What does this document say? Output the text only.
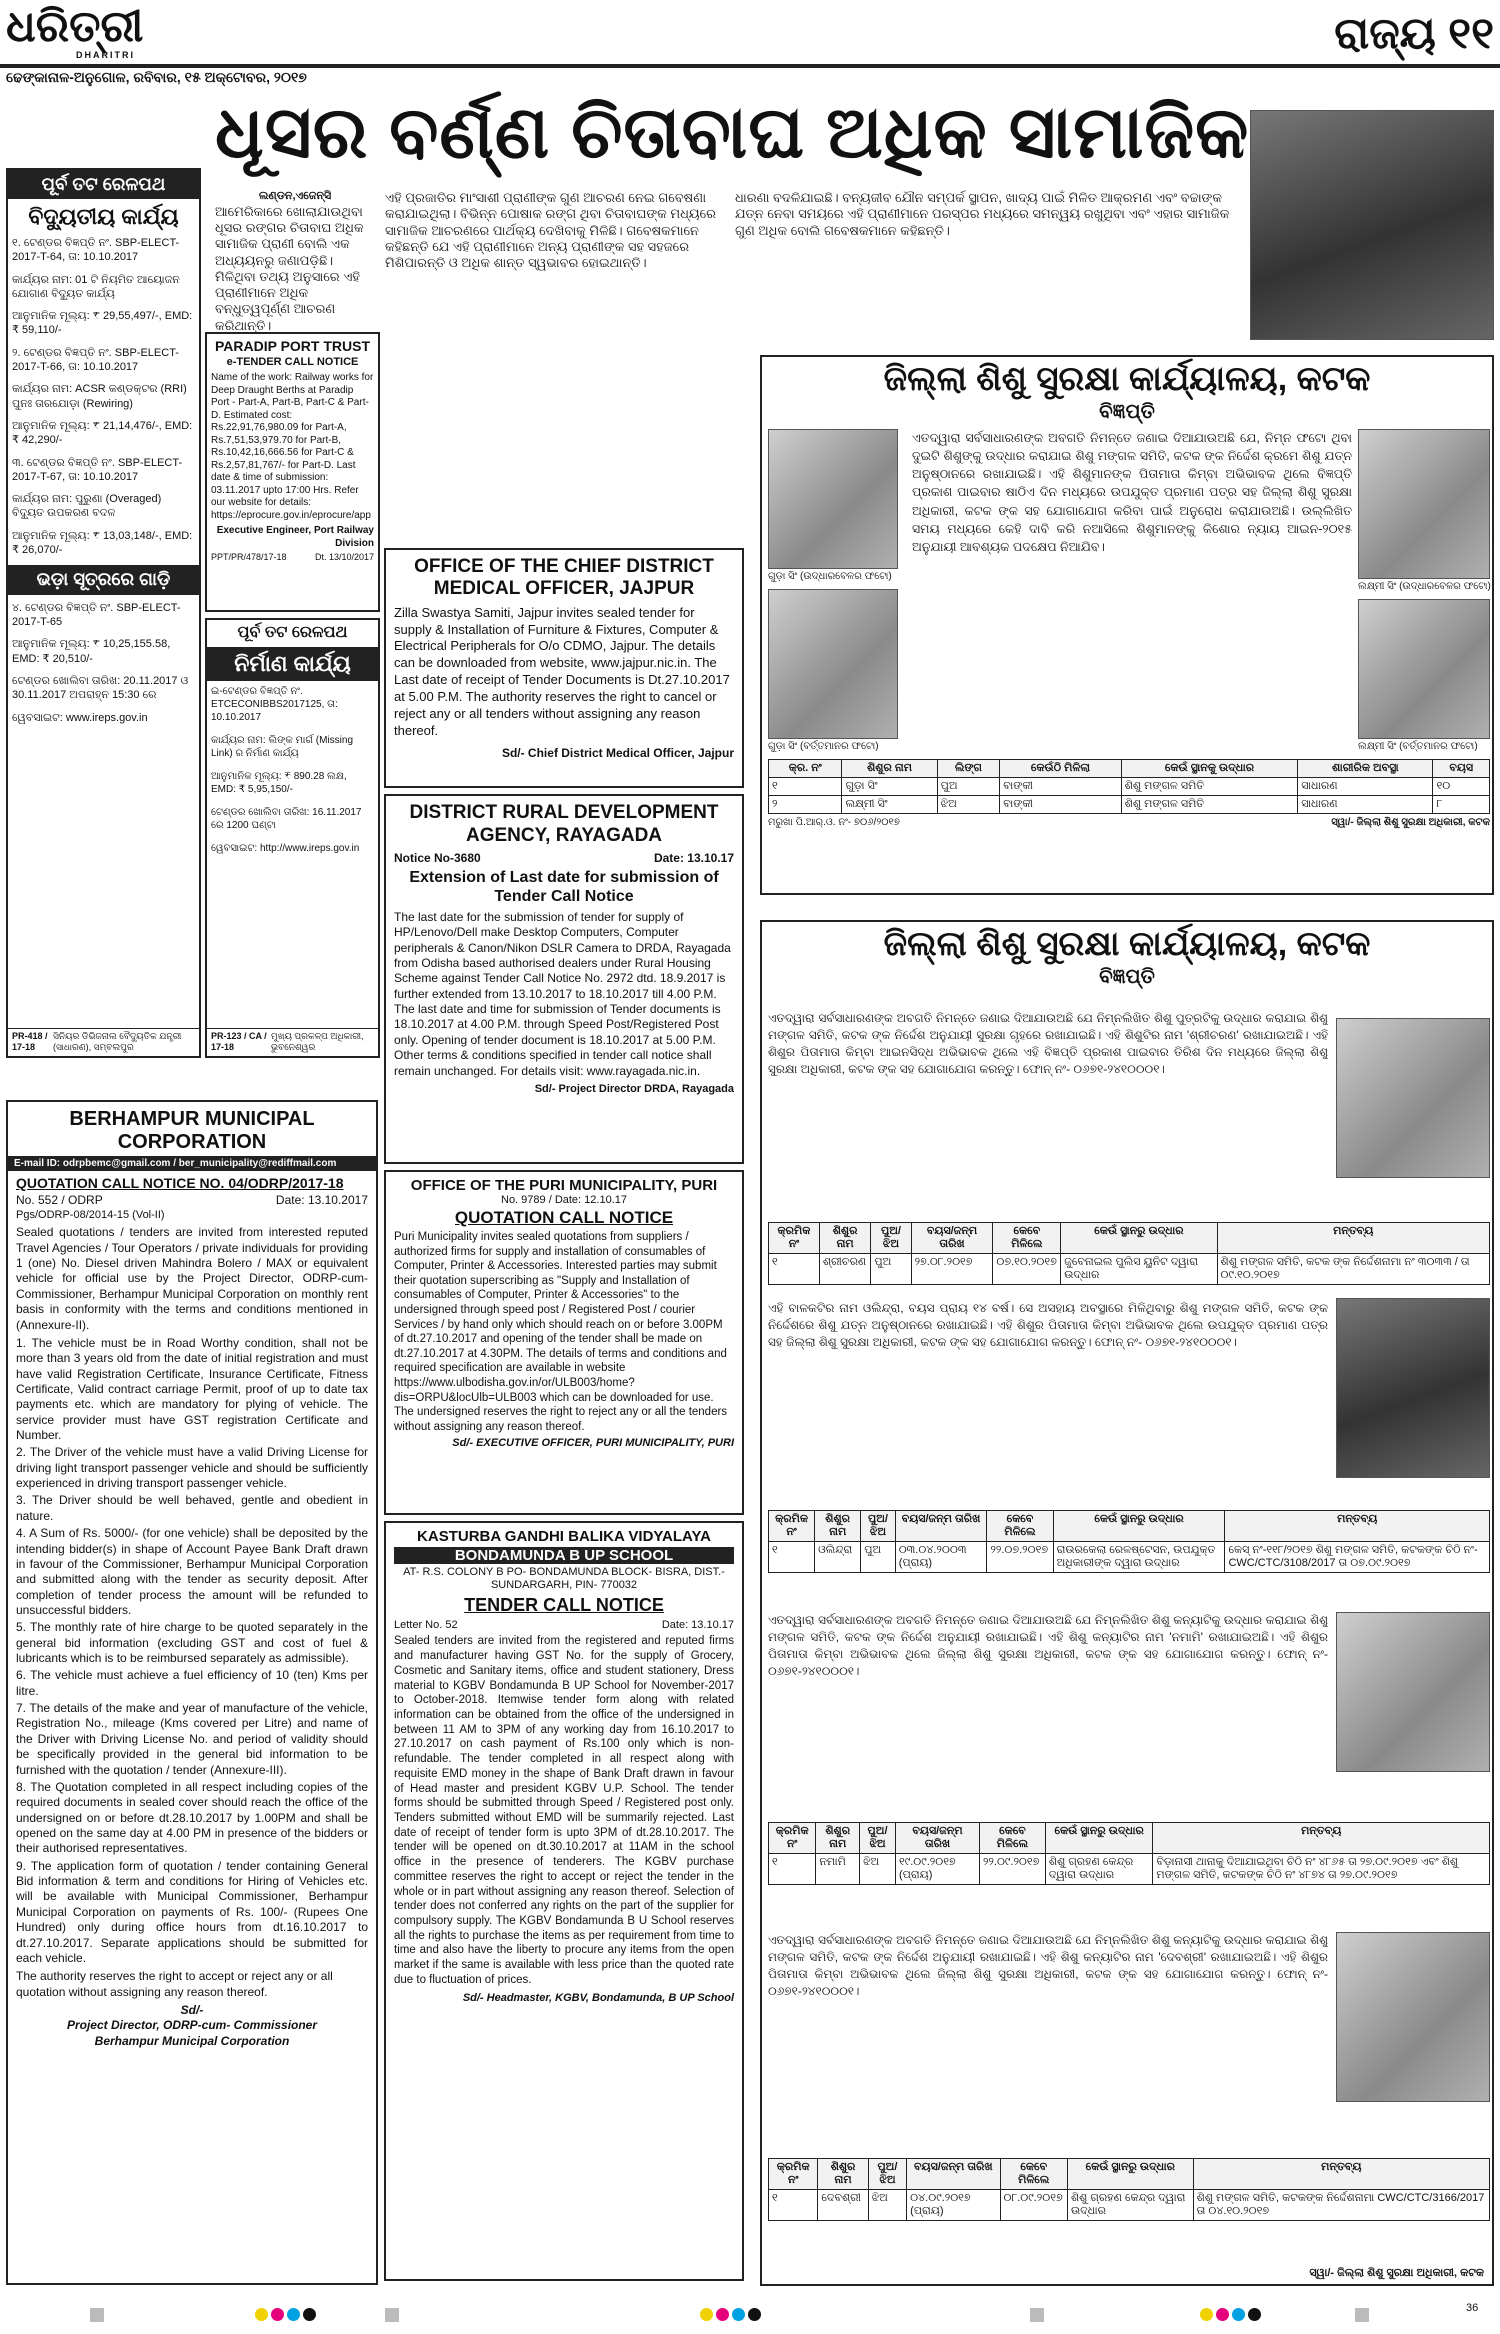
ଧରିତ୍ରୀ
DHARITRI	ରାଜ୍ୟ ୧୧
ଢେଙ୍କାନାଳ-ଅନୁଗୋଳ, ରବିବାର, ୧୫ ଅକ୍ଟୋବର, ୨୦୧୭
ଧୂସର ବର୍ଣ୍ଣ ଚିତାବାଘ ଅଧିକ ସାମାଜିକ
ଲଣ୍ଡନ,ଏଜେନ୍ସି
ଆମେରିକାରେ ଖୋଲାଯାଉଥିବା ଧୂସର ରଙ୍ଗର ଚିତାବାଘ ଅଧିକ ସାମାଜିକ ପ୍ରାଣୀ ବୋଲି ଏକ ଅଧ୍ୟୟନରୁ ଜଣାପଡ଼ିଛି। ମିଳିଥିବା ତଥ୍ୟ ଅନୁସାରେ ଏହି ପ୍ରାଣୀମାନେ ଅଧିକ ବନ୍ଧୁତ୍ୱପୂର୍ଣ୍ଣ ଆଚରଣ କରିଥାନ୍ତି।
ଏହି ପ୍ରଜାତିର ମାଂସାଶୀ ପ୍ରାଣୀଙ୍କ ଗୁଣ ଆଚରଣ ନେଇ ଗବେଷଣା କରାଯାଇଥିଲା। ବିଭିନ୍ନ ପୋଷାକ ରଙ୍ଗ ଥିବା ଚିତାବାଘଙ୍କ ମଧ୍ୟରେ ସାମାଜିକ ଆଚରଣରେ ପାର୍ଥକ୍ୟ ଦେଖିବାକୁ ମିଳିଛି। ଗବେଷକମାନେ କହିଛନ୍ତି ଯେ ଏହି ପ୍ରାଣୀମାନେ ଅନ୍ୟ ପ୍ରାଣୀଙ୍କ ସହ ସହଜରେ ମିଶିପାରନ୍ତି ଓ ଅଧିକ ଶାନ୍ତ ସ୍ୱଭାବର ହୋଇଥାନ୍ତି।
ଧାରଣା ବଦଳିଯାଇଛି। ବନ୍ୟଜୀବ ଯୌନ ସମ୍ପର୍କ ସ୍ଥାପନ, ଖାଦ୍ୟ ପାଇଁ ମିଳିତ ଆକ୍ରମଣ ଏବଂ ବଚ୍ଚାଙ୍କ ଯତ୍ନ ନେବା ସମୟରେ ଏହି ପ୍ରାଣୀମାନେ ପରସ୍ପର ମଧ୍ୟରେ ସମନ୍ୱୟ ରଖୁଥିବା ଏବଂ ଏହାର ସାମାଜିକ ଗୁଣ ଅଧିକ ବୋଲି ଗବେଷକମାନେ କହିଛନ୍ତି।
ପୂର୍ବ ତଟ ରେଳପଥ
ବିଦ୍ୟୁତୀୟ କାର୍ଯ୍ୟ

୧. ଟେଣ୍ଡର ବିଜ୍ଞପ୍ତି ନଂ. SBP-ELECT-2017-T-64, ତା: 10.10.2017

କାର୍ଯ୍ୟର ନାମ: 01 ଟି ନିୟମିତ ଆୟୋଜନ ଯୋଗାଣ ବିଦ୍ୟୁତ କାର୍ଯ୍ୟ

ଆନୁମାନିକ ମୂଲ୍ୟ: ₹ 29,55,497/-, EMD: ₹ 59,110/-

୨. ଟେଣ୍ଡର ବିଜ୍ଞପ୍ତି ନଂ. SBP-ELECT-2017-T-66, ତା: 10.10.2017

କାର୍ଯ୍ୟର ନାମ: ACSR କଣ୍ଡକ୍ଟର (RRI) ପୁନଃ ତାରଯୋଡ଼ା (Rewiring)

ଆନୁମାନିକ ମୂଲ୍ୟ: ₹ 21,14,476/-, EMD: ₹ 42,290/-

୩. ଟେଣ୍ଡର ବିଜ୍ଞପ୍ତି ନଂ. SBP-ELECT-2017-T-67, ତା: 10.10.2017

କାର୍ଯ୍ୟର ନାମ: ପୁରୁଣା (Overaged) ବିଦ୍ୟୁତ ଉପକରଣ ବଦଳ

ଆନୁମାନିକ ମୂଲ୍ୟ: ₹ 13,03,148/-, EMD: ₹ 26,070/-

ଭଡ଼ା ସୂତ୍ରରେ ଗାଡ଼ି

୪. ଟେଣ୍ଡର ବିଜ୍ଞପ୍ତି ନଂ. SBP-ELECT-2017-T-65

ଆନୁମାନିକ ମୂଲ୍ୟ: ₹ 10,25,155.58, EMD: ₹ 20,510/-

ଟେଣ୍ଡର ଖୋଲିବା ତାରିଖ: 20.11.2017 ଓ 30.11.2017 ଅପରାହ୍ନ 15:30 ରେ

ୱେବସାଇଟ: www.ireps.gov.in

PR-418 / 17-18
ସିନିୟର ଡିଭିଜନାଲ ବୈଦ୍ୟୁତିକ ଯନ୍ତ୍ରୀ (ସାଧାରଣ), ସମ୍ବଲପୁର
PARADIP PORT TRUST
e-TENDER CALL NOTICE
Name of the work: Railway works for Deep Draught Berths at Paradip Port - Part-A, Part-B, Part-C & Part-D. Estimated cost: Rs.22,91,76,980.09 for Part-A, Rs.7,51,53,979.70 for Part-B, Rs.10,42,16,666.56 for Part-C & Rs.2,57,81,767/- for Part-D. Last date & time of submission: 03.11.2017 upto 17:00 Hrs. Refer our website for details: https://eprocure.gov.in/eprocure/app
Executive Engineer, Port Railway Division
PPT/PR/478/17-18	Dt. 13/10/2017
ପୂର୍ବ ତଟ ରେଳପଥ
ନିର୍ମାଣ କାର୍ଯ୍ୟ

ଇ-ଟେଣ୍ଡର ବିଜ୍ଞପ୍ତି ନଂ. ETCECONIBBS2017125, ତା: 10.10.2017

କାର୍ଯ୍ୟର ନାମ: ଲିଙ୍କ ମାର୍ଗ (Missing Link) ର ନିର୍ମାଣ କାର୍ଯ୍ୟ

ଆନୁମାନିକ ମୂଲ୍ୟ: ₹ 890.28 ଲକ୍ଷ, EMD: ₹ 5,95,150/-

ଟେଣ୍ଡର ଖୋଲିବା ତାରିଖ: 16.11.2017 ରେ 1200 ଘଣ୍ଟା

ୱେବସାଇଟ: http://www.ireps.gov.in

PR-123 / CA / 17-18
ମୁଖ୍ୟ ପ୍ରକଳ୍ପ ଅଧିକାରୀ, ଭୁବନେଶ୍ୱର
OFFICE OF THE CHIEF DISTRICT MEDICAL OFFICER, JAJPUR
Zilla Swastya Samiti, Jajpur invites sealed tender for supply & Installation of Furniture & Fixtures, Computer & Electrical Peripherals for O/o CDMO, Jajpur. The details can be downloaded from website, www.jajpur.nic.in. The Last date of receipt of Tender Documents is Dt.27.10.2017 at 5.00 P.M. The authority reserves the right to cancel or reject any or all tenders without assigning any reason thereof.
Sd/- Chief District Medical Officer, Jajpur
DISTRICT RURAL DEVELOPMENT AGENCY, RAYAGADA
Notice No-3680	Date: 13.10.17
Extension of Last date for submission of Tender Call Notice
The last date for the submission of tender for supply of HP/Lenovo/Dell make Desktop Computers, Computer peripherals & Canon/Nikon DSLR Camera to DRDA, Rayagada from Odisha based authorised dealers under Rural Housing Scheme against Tender Call Notice No. 2972 dtd. 18.9.2017 is further extended from 13.10.2017 to 18.10.2017 till 4.00 P.M. The last date and time for submission of Tender documents is 18.10.2017 at 4.00 P.M. through Speed Post/Registered Post only. Opening of tender document is 18.10.2017 at 5.00 P.M. Other terms & conditions specified in tender call notice shall remain unchanged. For details visit: www.rayagada.nic.in.
Sd/- Project Director DRDA, Rayagada
OFFICE OF THE PURI MUNICIPALITY, PURI
No. 9789 / Date: 12.10.17
QUOTATION CALL NOTICE
Puri Municipality invites sealed quotations from suppliers / authorized firms for supply and installation of consumables of Computer, Printer & Accessories. Interested parties may submit their quotation superscribing as "Supply and Installation of consumables of Computer, Printer & Accessories" to the undersigned through speed post / Registered Post / courier Services / by hand only which should reach on or before 3.00PM of dt.27.10.2017 and opening of the tender shall be made on dt.27.10.2017 at 4.30PM. The details of terms and conditions and required specification are available in website https://www.ulbodisha.gov.in/or/ULB003/home?dis=ORPU&locUlb=ULB003 which can be downloaded for use. The undersigned reserves the right to reject any or all the tenders without assigning any reason thereof.
Sd/- EXECUTIVE OFFICER, PURI MUNICIPALITY, PURI
KASTURBA GANDHI BALIKA VIDYALAYA
BONDAMUNDA B UP SCHOOL
AT- R.S. COLONY B PO- BONDAMUNDA BLOCK- BISRA, DIST.- SUNDARGARH, PIN- 770032
TENDER CALL NOTICE
Letter No. 52	Date: 13.10.17
Sealed tenders are invited from the registered and reputed firms and manufacturer having GST No. for the supply of Grocery, Cosmetic and Sanitary items, office and student stationery, Dress material to KGBV Bondamunda B UP School for November-2017 to October-2018. Itemwise tender form along with related information can be obtained from the office of the undersigned in between 11 AM to 3PM of any working day from 16.10.2017 to 27.10.2017 on cash payment of Rs.100 only which is non-refundable. The tender completed in all respect along with requisite EMD money in the shape of Bank Draft drawn in favour of Head master and president KGBV U.P. School. The tender forms should be submitted through Speed / Registered post only. Tenders submitted without EMD will be summarily rejected. Last date of receipt of tender form is upto 3PM of dt.28.10.2017. The tender will be opened on dt.30.10.2017 at 11AM in the school office in the presence of tenderers. The KGBV purchase committee reserves the right to accept or reject the tender in the whole or in part without assigning any reason thereof. Selection of tender does not conferred any rights on the part of the supplier for compulsory supply. The KGBV Bondamunda B U School reserves all the rights to purchase the items as per requirement from time to time and also have the liberty to procure any items from the open market if the same is available with less price than the quoted rate due to fluctuation of prices.
Sd/- Headmaster, KGBV, Bondamunda, B UP School
BERHAMPUR MUNICIPAL CORPORATION
E-mail ID: odrpbemc@gmail.com / ber_municipality@rediffmail.com
QUOTATION CALL NOTICE NO. 04/ODRP/2017-18
No. 552 / ODRP	Date: 13.10.2017
Pgs/ODRP-08/2014-15 (Vol-II)

Sealed quotations / tenders are invited from interested reputed Travel Agencies / Tour Operators / private individuals for providing 1 (one) No. Diesel driven Mahindra Bolero / MAX or equivalent vehicle for official use by the Project Director, ODRP-cum-Commissioner, Berhampur Municipal Corporation on monthly rent basis in conformity with the terms and conditions mentioned in (Annexure-II).

1. The vehicle must be in Road Worthy condition, shall not be more than 3 years old from the date of initial registration and must have valid Registration Certificate, Insurance Certificate, Fitness Certificate, Valid contract carriage Permit, proof of up to date tax payments etc. which are mandatory for plying of vehicle. The service provider must have GST registration Certificate and Number.

2. The Driver of the vehicle must have a valid Driving License for driving light transport passenger vehicle and should be sufficiently experienced in driving transport passenger vehicle.

3. The Driver should be well behaved, gentle and obedient in nature.

4. A Sum of Rs. 5000/- (for one vehicle) shall be deposited by the intending bidder(s) in shape of Account Payee Bank Draft drawn in favour of the Commissioner, Berhampur Municipal Corporation and submitted along with the tender as security deposit. After completion of tender process the amount will be refunded to unsuccessful bidders.

5. The monthly rate of hire charge to be quoted separately in the general bid information (excluding GST and cost of fuel & lubricants which is to be reimbursed separately as admissible).

6. The vehicle must achieve a fuel efficiency of 10 (ten) Kms per litre.

7. The details of the make and year of manufacture of the vehicle, Registration No., mileage (Kms covered per Litre) and name of the Driver with Driving License No. and period of validity should be specifically provided in the general bid information to be furnished with the quotation / tender (Annexure-III).

8. The Quotation completed in all respect including copies of the required documents in sealed cover should reach the office of the undersigned on or before dt.28.10.2017 by 1.00PM and shall be opened on the same day at 4.00 PM in presence of the bidders or their authorised representatives.

9. The application form of quotation / tender containing General Bid information & term and conditions for Hiring of Vehicles etc. will be available with Municipal Commissioner, Berhampur Municipal Corporation on payments of Rs. 100/- (Rupees One Hundred) only during office hours from dt.16.10.2017 to dt.27.10.2017. Separate applications should be submitted for each vehicle.

The authority reserves the right to accept or reject any or all quotation without assigning any reason thereof.

Sd/-
Project Director, ODRP-cum- Commissioner
Berhampur Municipal Corporation
ଜିଲ୍ଲା ଶିଶୁ ସୁରକ୍ଷା କାର୍ଯ୍ୟାଳୟ, କଟକ
ବିଜ୍ଞପ୍ତି
ଗୁଡ଼ା ସିଂ (ଉଦ୍ଧାରବେଳର ଫଟୋ)
ଗୁଡ଼ା ସିଂ (ବର୍ତ୍ତମାନର ଫଟୋ)
ଲକ୍ଷ୍ମୀ ସିଂ (ଉଦ୍ଧାରବେଳର ଫଟୋ)
ଲକ୍ଷ୍ମୀ ସିଂ (ବର୍ତ୍ତମାନର ଫଟୋ)
ଏତଦ୍ୱାରା ସର୍ବସାଧାରଣଙ୍କ ଅବଗତି ନିମନ୍ତେ ଜଣାଇ ଦିଆଯାଉଅଛି ଯେ, ନିମ୍ନ ଫଟୋ ଥିବା ଦୁଇଟି ଶିଶୁଙ୍କୁ ଉଦ୍ଧାର କରାଯାଇ ଶିଶୁ ମଙ୍ଗଳ ସମିତି, କଟକ ଙ୍କ ନିର୍ଦ୍ଦେଶ କ୍ରମେ ଶିଶୁ ଯତ୍ନ ଅନୁଷ୍ଠାନରେ ରଖାଯାଇଛି। ଏହି ଶିଶୁମାନଙ୍କ ପିତାମାତା କିମ୍ବା ଅଭିଭାବକ ଥିଲେ ବିଜ୍ଞପ୍ତି ପ୍ରକାଶ ପାଇବାର ଷାଠିଏ ଦିନ ମଧ୍ୟରେ ଉପଯୁକ୍ତ ପ୍ରମାଣ ପତ୍ର ସହ ଜିଲ୍ଲା ଶିଶୁ ସୁରକ୍ଷା ଅଧିକାରୀ, କଟକ ଙ୍କ ସହ ଯୋଗାଯୋଗ କରିବା ପାଇଁ ଅନୁରୋଧ କରାଯାଉଅଛି। ଉଲ୍ଲିଖିତ ସମୟ ମଧ୍ୟରେ କେହି ଦାବି କରି ନଆସିଲେ ଶିଶୁମାନଙ୍କୁ କିଶୋର ନ୍ୟାୟ ଆଇନ-୨୦୧୫ ଅନୁଯାୟୀ ଆବଶ୍ୟକ ପଦକ୍ଷେପ ନିଆଯିବ।
କ୍ର. ନଂ	ଶିଶୁର ନାମ	ଲିଙ୍ଗ	କେଉଁଠି ମିଳିଲା	କେଉଁ ସ୍ଥାନକୁ ଉଦ୍ଧାର	ଶାରୀରିକ ଅବସ୍ଥା	ବୟସ
୧	ଗୁଡ଼ା ସିଂ	ପୁଅ	ବାଙ୍କୀ	ଶିଶୁ ମଙ୍ଗଳ ସମିତି	ସାଧାରଣ	୧୦
୨	ଲକ୍ଷ୍ମୀ ସିଂ	ଝିଅ	ବାଙ୍କୀ	ଶିଶୁ ମଙ୍ଗଳ ସମିତି	ସାଧାରଣ	୮
ମରୁଖା ପି.ଆର୍.ଓ. ନଂ- ୭୦୬/୨୦୧୭	ସ୍ୱା/- ଜିଲ୍ଲା ଶିଶୁ ସୁରକ୍ଷା ଅଧିକାରୀ, କଟକ
ଜିଲ୍ଲା ଶିଶୁ ସୁରକ୍ଷା କାର୍ଯ୍ୟାଳୟ, କଟକ
ବିଜ୍ଞପ୍ତି
ଏତଦ୍ୱାରା ସର୍ବସାଧାରଣଙ୍କ ଅବଗତି ନିମନ୍ତେ ଜଣାଇ ଦିଆଯାଉଅଛି ଯେ ନିମ୍ନଲିଖିତ ଶିଶୁ ପୁତ୍ରଟିକୁ ଉଦ୍ଧାର କରାଯାଇ ଶିଶୁ ମଙ୍ଗଳ ସମିତି, କଟକ ଙ୍କ ନିର୍ଦ୍ଦେଶ ଅନୁଯାୟୀ ସୁରକ୍ଷା ଗୃହରେ ରଖାଯାଇଛି। ଏହି ଶିଶୁଟିର ନାମ 'ଶ୍ରୀଚରଣ' ରଖାଯାଇଅଛି। ଏହି ଶିଶୁର ପିତାମାତା କିମ୍ବା ଆଇନସିଦ୍ଧ ଅଭିଭାବକ ଥିଲେ ଏହି ବିଜ୍ଞପ୍ତି ପ୍ରକାଶ ପାଇବାର ତିରିଶ ଦିନ ମଧ୍ୟରେ ଜିଲ୍ଲା ଶିଶୁ ସୁରକ୍ଷା ଅଧିକାରୀ, କଟକ ଙ୍କ ସହ ଯୋଗାଯୋଗ କରନ୍ତୁ। ଫୋନ୍ ନଂ- ୦୬୭୧-୨୪୧୦୦୦୧।
କ୍ରମିକ ନଂ	ଶିଶୁର ନାମ	ପୁଅ/ଝିଅ	ବୟସ/ଜନ୍ମ ତାରିଖ	କେବେ ମିଳିଲେ	କେଉଁ ସ୍ଥାନରୁ ଉଦ୍ଧାର	ମନ୍ତବ୍ୟ
୧	ଶ୍ରୀଚରଣ	ପୁଅ	୨୭.୦୮.୨୦୧୭	୦୭.୧୦.୨୦୧୭	ଜୁବେନାଇଲ ପୁଲିସ ୟୁନିଟ ଦ୍ୱାରା ଉଦ୍ଧାର	ଶିଶୁ ମଙ୍ଗଳ ସମିତି, କଟକ ଙ୍କ ନିର୍ଦ୍ଦେଶନାମା ନଂ ୩୦୩୩ / ତା ୦୯.୧୦.୨୦୧୭
ଏହି ବାଳକଟିର ନାମ ଓଲିନ୍ଦ୍ରା, ବୟସ ପ୍ରାୟ ୧୪ ବର୍ଷ। ସେ ଅସହାୟ ଅବସ୍ଥାରେ ମିଳିଥିବାରୁ ଶିଶୁ ମଙ୍ଗଳ ସମିତି, କଟକ ଙ୍କ ନିର୍ଦ୍ଦେଶରେ ଶିଶୁ ଯତ୍ନ ଅନୁଷ୍ଠାନରେ ରଖାଯାଇଛି। ଏହି ଶିଶୁର ପିତାମାତା କିମ୍ବା ଅଭିଭାବକ ଥିଲେ ଉପଯୁକ୍ତ ପ୍ରମାଣ ପତ୍ର ସହ ଜିଲ୍ଲା ଶିଶୁ ସୁରକ୍ଷା ଅଧିକାରୀ, କଟକ ଙ୍କ ସହ ଯୋଗାଯୋଗ କରନ୍ତୁ। ଫୋନ୍ ନଂ- ୦୬୭୧-୨୪୧୦୦୦୧।
କ୍ରମିକ ନଂ	ଶିଶୁର ନାମ	ପୁଅ/ଝିଅ	ବୟସ/ଜନ୍ମ ତାରିଖ	କେବେ ମିଳିଲେ	କେଉଁ ସ୍ଥାନରୁ ଉଦ୍ଧାର	ମନ୍ତବ୍ୟ
୧	ଓଲିନ୍ଦ୍ରା	ପୁଅ	୦୩.୦୪.୨୦୦୩ (ପ୍ରାୟ)	୨୨.୦୭.୨୦୧୭	ରାଉରକେଲା ରେଳଷ୍ଟେସନ, ଉପଯୁକ୍ତ ଅଧିକାରୀଙ୍କ ଦ୍ୱାରା ଉଦ୍ଧାର	କେସ୍ ନଂ-୧୧୮/୨୦୧୭ ଶିଶୁ ମଙ୍ଗଳ ସମିତି, କଟକଙ୍କ ଚିଠି ନଂ-CWC/CTC/3108/2017 ତା ୦୭.୦୯.୨୦୧୭
ଏତଦ୍ୱାରା ସର୍ବସାଧାରଣଙ୍କ ଅବଗତି ନିମନ୍ତେ ଜଣାଇ ଦିଆଯାଉଅଛି ଯେ ନିମ୍ନଲିଖିତ ଶିଶୁ କନ୍ୟାଟିକୁ ଉଦ୍ଧାର କରାଯାଇ ଶିଶୁ ମଙ୍ଗଳ ସମିତି, କଟକ ଙ୍କ ନିର୍ଦ୍ଦେଶ ଅନୁଯାୟୀ ରଖାଯାଇଛି। ଏହି ଶିଶୁ କନ୍ୟାଟିର ନାମ 'ନମାମି' ରଖାଯାଇଅଛି। ଏହି ଶିଶୁର ପିତାମାତା କିମ୍ବା ଅଭିଭାବକ ଥିଲେ ଜିଲ୍ଲା ଶିଶୁ ସୁରକ୍ଷା ଅଧିକାରୀ, କଟକ ଙ୍କ ସହ ଯୋଗାଯୋଗ କରନ୍ତୁ। ଫୋନ୍ ନଂ- ୦୬୭୧-୨୪୧୦୦୦୧।
କ୍ରମିକ ନଂ	ଶିଶୁର ନାମ	ପୁଅ/ଝିଅ	ବୟସ/ଜନ୍ମ ତାରିଖ	କେବେ ମିଳିଲେ	କେଉଁ ସ୍ଥାନରୁ ଉଦ୍ଧାର	ମନ୍ତବ୍ୟ
୧	ନମାମି	ଝିଅ	୧୯.୦୯.୨୦୧୭ (ପ୍ରାୟ)	୨୨.୦୯.୨୦୧୭	ଶିଶୁ ଗ୍ରହଣ କେନ୍ଦ୍ର ଦ୍ୱାରା ଉଦ୍ଧାର	ବିଡ଼ାନାସୀ ଥାନାକୁ ଦିଆଯାଇଥିବା ଚିଠି ନଂ ୪୮୬୫ ତା ୨୭.୦୯.୨୦୧୭ ଏବଂ ଶିଶୁ ମଙ୍ଗଳ ସମିତି, କଟକଙ୍କ ଚିଠି ନଂ ୪୮୭୪ ତା ୨୭.୦୯.୨୦୧୭
ଏତଦ୍ୱାରା ସର୍ବସାଧାରଣଙ୍କ ଅବଗତି ନିମନ୍ତେ ଜଣାଇ ଦିଆଯାଉଅଛି ଯେ ନିମ୍ନଲିଖିତ ଶିଶୁ କନ୍ୟାଟିକୁ ଉଦ୍ଧାର କରାଯାଇ ଶିଶୁ ମଙ୍ଗଳ ସମିତି, କଟକ ଙ୍କ ନିର୍ଦ୍ଦେଶ ଅନୁଯାୟୀ ରଖାଯାଇଛି। ଏହି ଶିଶୁ କନ୍ୟାଟିର ନାମ 'ଦେବଶ୍ରୀ' ରଖାଯାଇଅଛି। ଏହି ଶିଶୁର ପିତାମାତା କିମ୍ବା ଅଭିଭାବକ ଥିଲେ ଜିଲ୍ଲା ଶିଶୁ ସୁରକ୍ଷା ଅଧିକାରୀ, କଟକ ଙ୍କ ସହ ଯୋଗାଯୋଗ କରନ୍ତୁ। ଫୋନ୍ ନଂ- ୦୬୭୧-୨୪୧୦୦୦୧।
କ୍ରମିକ ନଂ	ଶିଶୁର ନାମ	ପୁଅ/ଝିଅ	ବୟସ/ଜନ୍ମ ତାରିଖ	କେବେ ମିଳିଲେ	କେଉଁ ସ୍ଥାନରୁ ଉଦ୍ଧାର	ମନ୍ତବ୍ୟ
୧	ଦେବଶ୍ରୀ	ଝିଅ	୦୪.୦୯.୨୦୧୭ (ପ୍ରାୟ)	୦୮.୦୯.୨୦୧୭	ଶିଶୁ ଗ୍ରହଣ କେନ୍ଦ୍ର ଦ୍ୱାରା ଉଦ୍ଧାର	ଶିଶୁ ମଙ୍ଗଳ ସମିତି, କଟକଙ୍କ ନିର୍ଦ୍ଦେଶନାମା CWC/CTC/3166/2017 ତା ୦୪.୧୦.୨୦୧୭
ସ୍ୱା/- ଜିଲ୍ଲା ଶିଶୁ ସୁରକ୍ଷା ଅଧିକାରୀ, କଟକ
36
